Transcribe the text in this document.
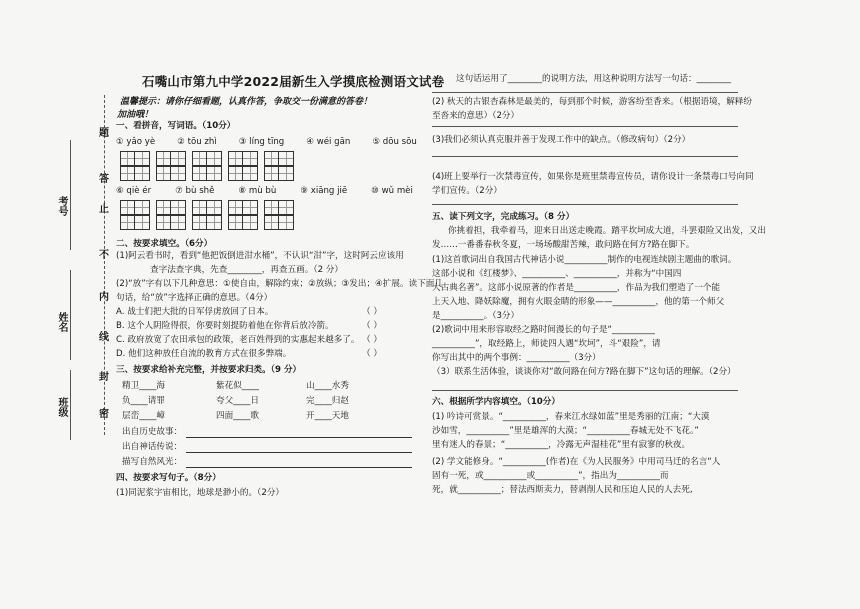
考号
姓名
班级
题
答
止
不
内
线
封
密
石嘴山市第九中学2022届新生入学摸底检测语文试卷
温馨提示：请你仔细看题，认真作答，争取交一份满意的答卷！
加油哦！
一、看拼音，写词语。（10分）
① yǎo yè	② tōu zhì	③ líng tīng	④ wéi gān	⑤ dōu sōu
⑥ qiè ér	⑦ bù shě	⑧ mù bù	⑨ xiāng jiē	⑩ wǔ mèi
二、按要求填空。（6分）
(1)阿云看书时，看到“他把饭倒进泔水桶”，不认识“泔”字，这时阿云应该用
查字法查字典，先查________，再查五画。（2 分）
(2)“放”字有以下几种意思：①使自由，解除约束；②放纵；③发出；④扩展。读下面几
句话，给“放”字选择正确的意思。（4分）
A. 战士们把大批的日军俘虏放回了日本。
B. 这个人阴险得很，你要时刻提防着他在你背后放冷箭。
C. 政府放宽了农田承包的政策，老百姓得到的实惠起来越多了。
D. 他们这种放任自流的教育方式在很多弊端。
（ ）
（ ）
（ ）
（ ）
三、按要求给补充完整，并按要求归类。（9 分）
精卫____海	紫花似____	山____水秀
负____请罪	夸父____日	完____归赵
层峦____嶂	四面____歌	开____天地
出自历史故事：
出自神话传说：
描写自然风光：
四、按要求写句子。（8分）
(1)同泥浆宇宙相比，地球是渺小的。（2分）
这句话运用了________的说明方法，用这种说明方法写一句话：________
(2) 秋天的古银杏森林是最美的，每到那个时候，游客纷至香来。（根据语境，解释纷
至沓来的意思）（2分）
(3)我们必须认真克服并善于发现工作中的缺点。（修改病句）（2分）
(4)班上要举行一次禁毒宣传，如果你是班里禁毒宣传员，请你设计一条禁毒口号向同
学们宣传。（2分）
五、读下列文字，完成练习。（8 分）
你挑着担，我牵着马，迎来日出送走晚霞。踏平坎坷成大道，斗罢艰险又出发，又出
发……一番番春秋冬夏，一场场酸甜苦辣，敢问路在何方?路在脚下。
(1)这首歌词出自我国古代神话小说__________制作的电视连续剧主题曲的歌词。
这部小说和《红楼梦》、__________、__________，并称为“中国四
大古典名著”。这部小说原著的作者是__________，作品为我们塑造了一个能
上天入地、降妖除魔，拥有火眼金睛的形象——__________，他的第一个师父
是__________。（3分）
(2)歌词中用来形容取经之路时间漫长的句子是“__________
__________”，取经路上，师徒四人遇“坎坷”，斗“艰险”，请
你写出其中的两个事例：__________（3分）
（3）联系生活体验，谈谈你对“敢问路在何方?路在脚下”这句话的理解。（2分）
六、根据所学内容填空。（10分）
(1) 吟诗可赏景。“__________，春来江水绿如蓝”里是秀丽的江南；“大漠
沙如雪，__________”里是雄浑的大漠；“__________春城无处不飞花。”
里有迷人的春景；“__________，冷露无声湿桂花”里有寂寥的秋夜。
(2) 学文能修身。“__________(作者)在《为人民服务》中用司马迁的名言“人
固有一死，或__________或__________”，指出为__________而
死，就__________；替法西斯卖力，替剥削人民和压迫人民的人去死,
